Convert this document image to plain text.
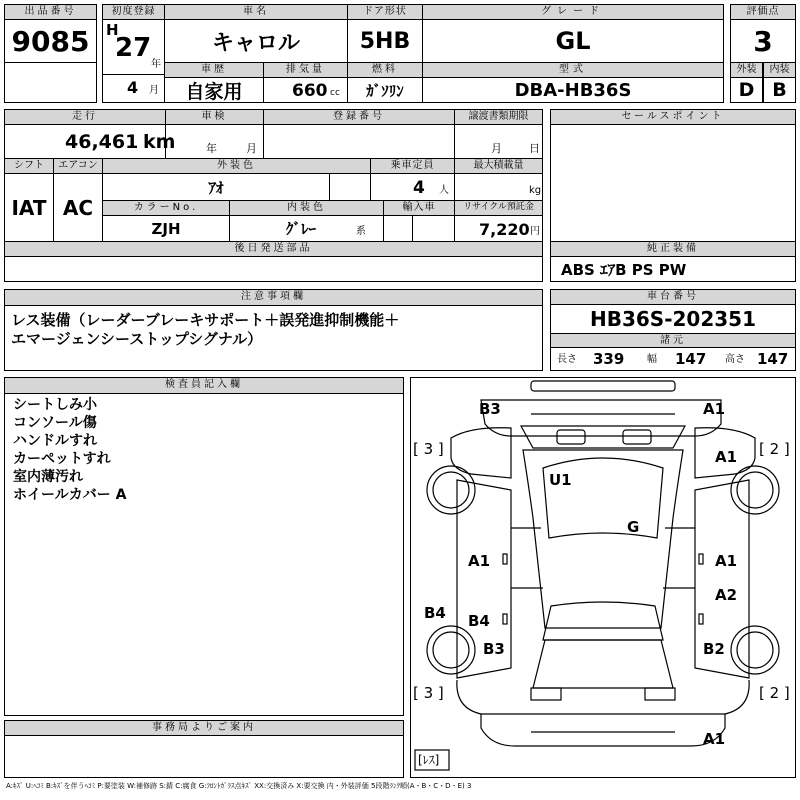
出品番号
9085
初度登録
H
27
年
4 月
車名
キャロル
ドア形状
5HB
グレード
GL
評価点
3
車歴
自家用
排気量
660 cc
燃料
ｶﾞｿﾘﾝ
型式
DBA-HB36S
外装	内装
D B
走行
46,461 km
車検
年	月
登録番号	譲渡書類期限
月 日
シフト
IAT
エアコン
AC
外装色
ｱｵ
乗車定員
4 人
最大積載量
kg
カラーNo.
ZJH
内装色
ｸﾞﾚｰ	系
輸入車	リサイクル預託金
7,220 円
後日発送部品
セールスポイント
純正装備
ABS ｴｱB PS PW
注意事項欄
レス装備（レーダーブレーキサポート＋誤発進抑制機能＋
エマージェンシーストップシグナル）
車台番号
HB36S-202351
諸元
長さ 339 幅 147 高さ 147
検査員記入欄
シートしみ小
コンソール傷
ハンドルすれ
カーペットすれ
室内薄汚れ
ホイールカバー A
事務局よりご案内
B3	A1
A1
U1
G
A1	A1
A2
B4 B4
B3	B2
A1
[ 3 ]	[ 2 ]
[ 3 ]	[ 2 ]
[ﾚｽ]
A:ｷｽﾞ U:ﾍｺﾐ B:ｷｽﾞを伴うﾍｺﾐ P:要塗装 W:補修跡 S:錆 C:腐食 G:ﾌﾛﾝﾄｶﾞﾗｽ点ｷｽﾞ XX:交換済み X:要交換 内・外装評価 5段階ﾗﾝｸ順(A・B・C・D・E) 3
